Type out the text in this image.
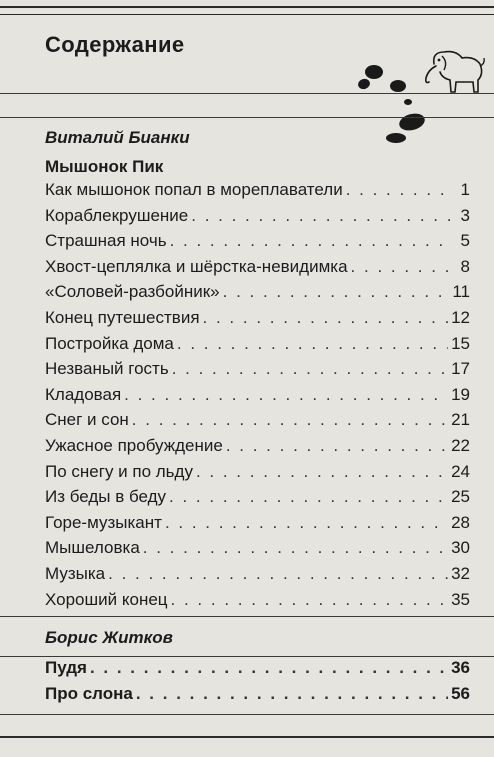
Содержание
Виталий Бианки
Мышонок Пик
Как мышонок попал в мореплаватели . . .	1
Кораблекрушение . . .	3
Страшная ночь . . .	5
Хвост-цеплялка и шёрстка-невидимка . . .	8
«Соловей-разбойник» . . .	11
Конец путешествия . . .	12
Постройка дома . . .	15
Незваный гость . . .	17
Кладовая . . .	19
Снег и сон . . .	21
Ужасное пробуждение . . .	22
По снегу и по льду . . .	24
Из беды в беду . . .	25
Горе-музыкант . . .	28
Мышеловка . . .	30
Музыка . . .	32
Хороший конец . . .	35
Борис Житков
Пудя . . .	36
Про слона . . .	56
